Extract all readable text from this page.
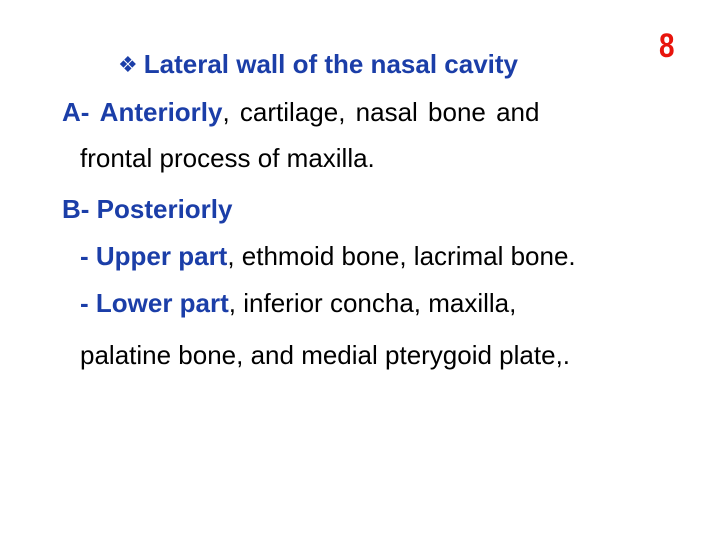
8
❖ Lateral wall of the nasal cavity
A- Anteriorly, cartilage, nasal bone and
frontal process of maxilla.
B- Posteriorly
- Upper part, ethmoid bone, lacrimal bone.
- Lower part, inferior concha, maxilla,
palatine bone, and medial pterygoid plate,.
